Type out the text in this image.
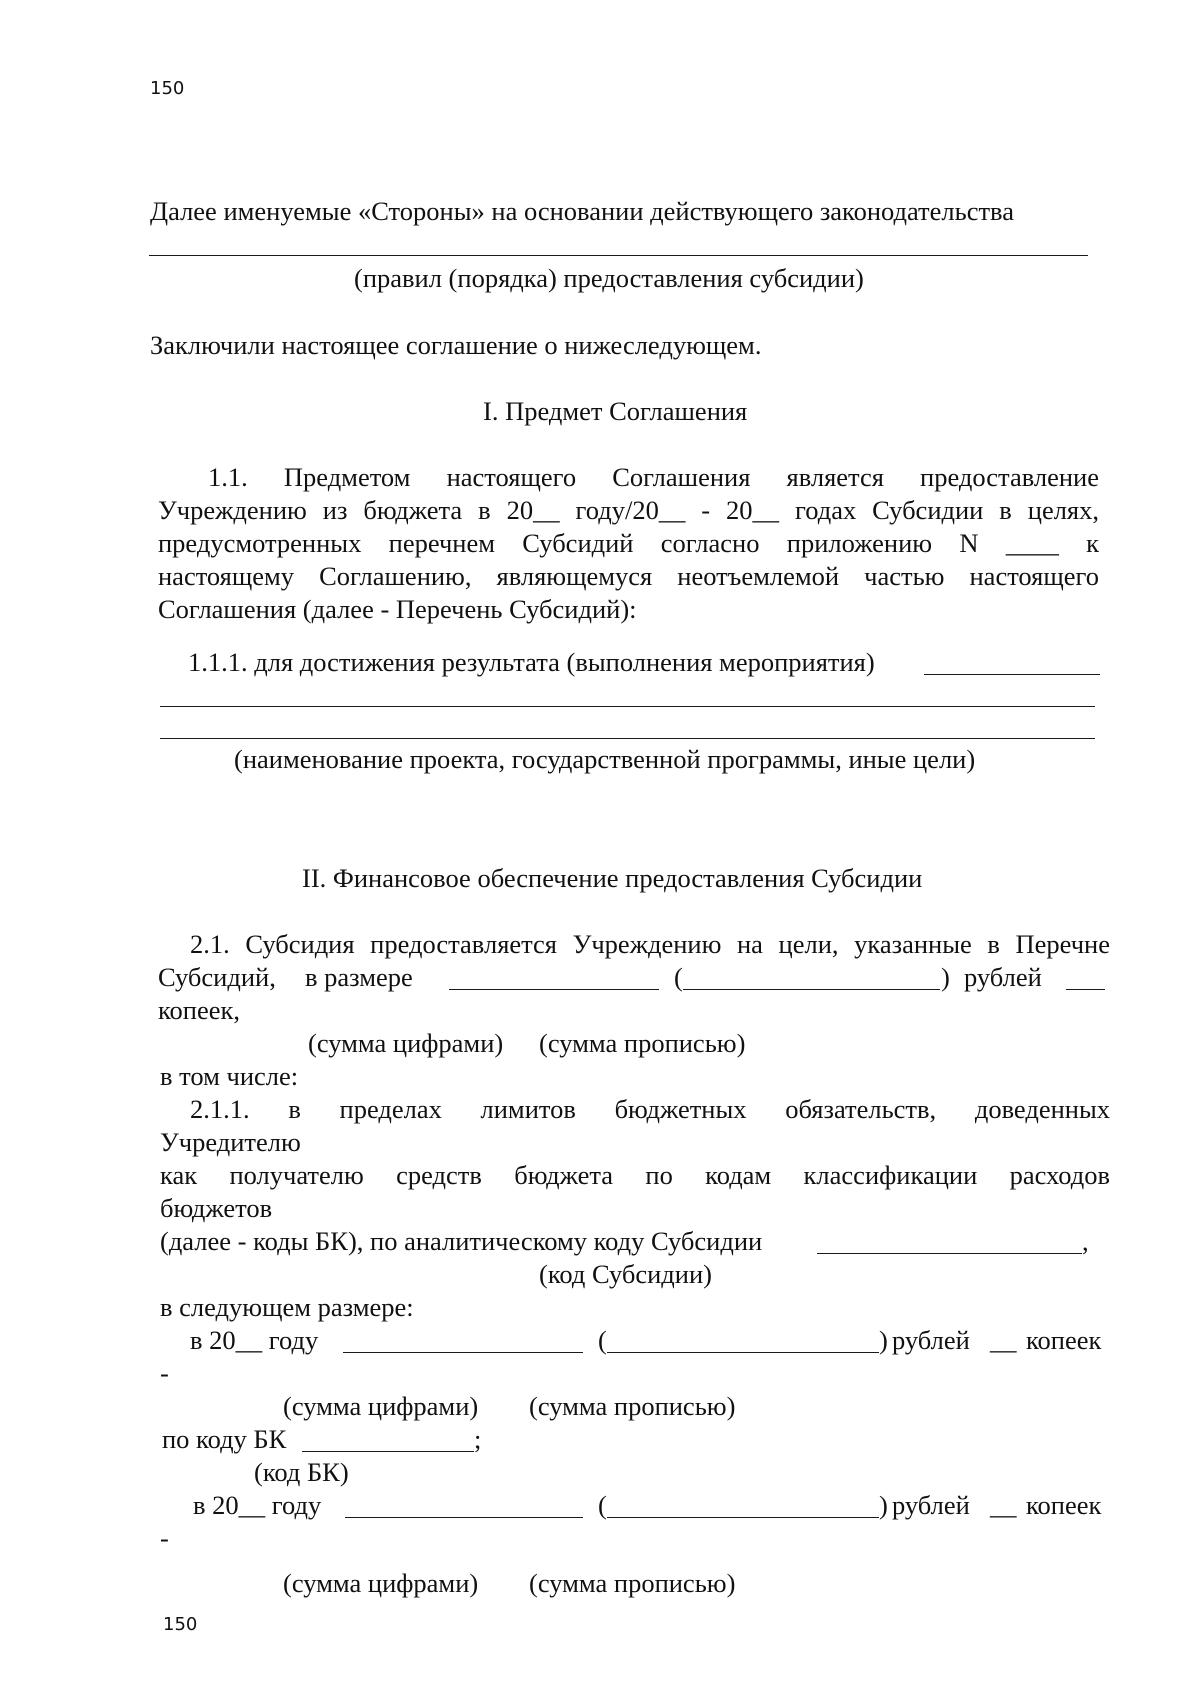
150
Далее именуемые «Стороны» на основании действующего законодательства
(правил (порядка) предоставления субсидии)
Заключили настоящее соглашение о нижеследующем.
I. Предмет Соглашения
1.1. Предметом настоящего Соглашения является предоставление
Учреждению из бюджета в 20__ году/20__ - 20__ годах Субсидии в целях,
предусмотренных перечнем Субсидий согласно приложению N ____ к
настоящему Соглашению, являющемуся неотъемлемой частью настоящего
Соглашения (далее - Перечень Субсидий):
1.1.1. для достижения результата (выполнения мероприятия)
(наименование проекта, государственной программы, иные цели)
II. Финансовое обеспечение предоставления Субсидии
2.1. Субсидия предоставляется Учреждению на цели, указанные в Перечне
Субсидий, в размере	(	) рублей
копеек,
(сумма цифрами) (сумма прописью)
в том числе:
2.1.1. в пределах лимитов бюджетных обязательств, доведенных
Учредителю
как получателю средств бюджета по кодам классификации расходов
бюджетов
(далее - коды БК), по аналитическому коду Субсидии	,
(код Субсидии)
в следующем размере:
в 20__ году	(	) рублей __ копеек
-
(сумма цифрами) (сумма прописью)
по коду БК	;
(код БК)
в 20__ году	(	) рублей __ копеек
-
(сумма цифрами) (сумма прописью)
150
